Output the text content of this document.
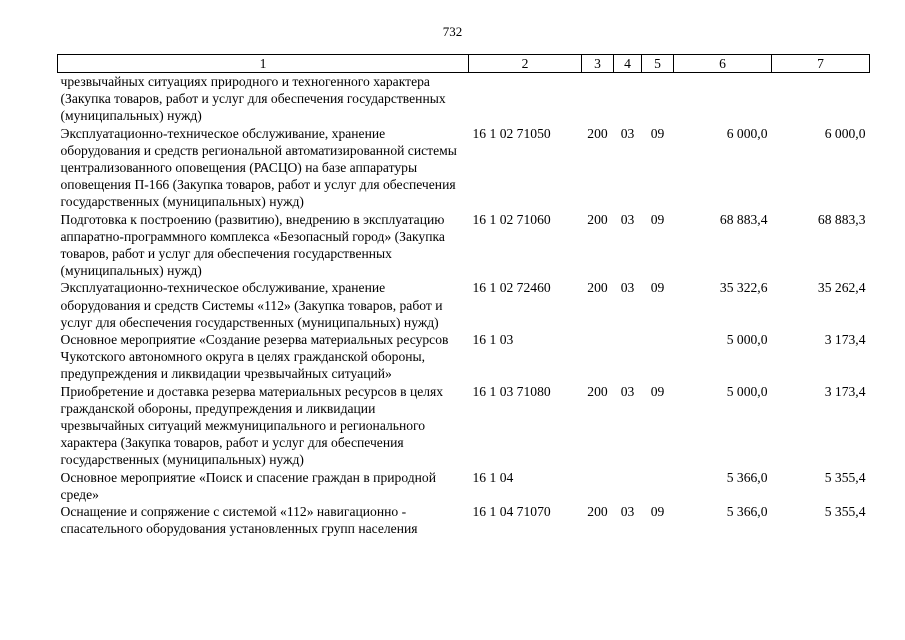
732
1	2	3	4	5	6	7
чрезвычайных ситуациях природного и техногенного характера (Закупка товаров, работ и услуг для обеспечения государственных (муниципальных) нужд)						
Эксплуатационно-техническое обслуживание, хранение оборудования и средств региональной автоматизированной системы централизованного оповещения (РАСЦО) на базе аппаратуры оповещения П-166 (Закупка товаров, работ и услуг для обеспечения государственных (муниципальных) нужд)	16 1 02 71050	200	03	09	6 000,0	6 000,0
Подготовка к построению (развитию), внедрению в эксплуатацию аппаратно-программного комплекса «Безопасный город» (Закупка товаров, работ и услуг для обеспечения государственных (муниципальных) нужд)	16 1 02 71060	200	03	09	68 883,4	68 883,3
Эксплуатационно-техническое обслуживание, хранение оборудования и средств Системы «112» (Закупка товаров, работ и услуг для обеспечения государственных (муниципальных) нужд)	16 1 02 72460	200	03	09	35 322,6	35 262,4
Основное мероприятие «Создание резерва материальных ресурсов Чукотского автономного округа в целях гражданской обороны, предупреждения и ликвидации чрезвычайных ситуаций»	16 1 03				5 000,0	3 173,4
Приобретение и доставка резерва материальных ресурсов в целях гражданской обороны, предупреждения и ликвидации чрезвычайных ситуаций межмуниципального и регионального характера (Закупка товаров, работ и услуг для обеспечения государственных (муниципальных) нужд)	16 1 03 71080	200	03	09	5 000,0	3 173,4
Основное мероприятие «Поиск и спасение граждан в природной среде»	16 1 04				5 366,0	5 355,4
Оснащение и сопряжение с системой «112» навигационно - спасательного оборудования установленных групп населения	16 1 04 71070	200	03	09	5 366,0	5 355,4
